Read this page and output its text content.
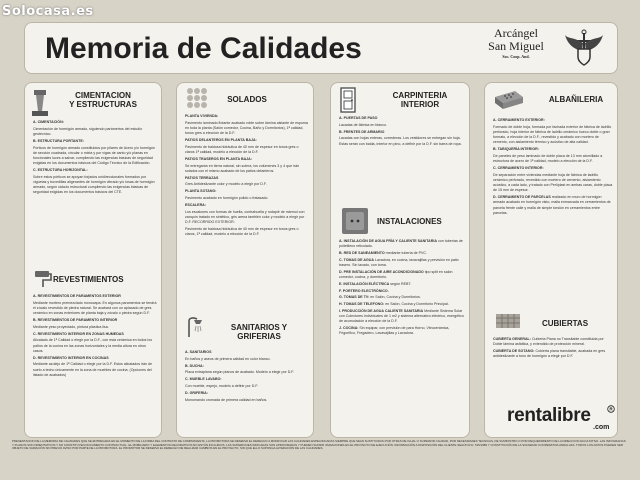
Solocasa.es
Memoria de Calidades	Arcángel
San Miguel
Soc. Coop. And.
CIMENTACION
Y ESTRUCTURAS

A. CIMENTACIÓN:

Cimentación de hormigón armado, siguiendo parámetros del estudio geotécnico.

B. ESTRUCTURA PORTANTE:

Pórticos de hormigón armado constituidos por pilares de Acero y/o hormigón de sección cuadrada, circular o mixta y por vigas de canto y/o planas en funcionales luces a salvar, cumpliendo las exigencias básicas de seguridad exigidas en los documentos básicos del Código Técnico de la Edificación.

C. ESTRUCTURA HORIZONTAL:

Sobre estos pórticos se apoyan forjados unidireccionales formados por viguetas y bovedillas aligerantes de hormigón vibrado y/o losas de hormigón armado, según cálculo estructural cumpliendo las exigencias básicas de seguridad exigidas en los documentos básicos del CTE.

REVESTIMIENTOS

A. REVESTIMIENTOS DE PARAMENTOS EXTERIOR

Mediante mortero premezclado monocapa. En algunos paramentos se tendrá el zócalo revestido de piedra natural. Se acabará con un aplacado de gres cerámico en zonas exteriores de planta baja y zócalo o piedra según D.F.

B. REVESTIMIENTOS DE PARAMENTO INTERIOR

Mediante yeso proyectado, pintura plástica lisa.

C. REVESTIMIENTO INTERIOR EN ZONAS HUMEDAS

Alicatado de 1ª Calidad o elegir por la D.F., con esta cerámica en todos los paños de la cocina en las zonas horizontales y la media altura en otros casos.

D. REVESTIMIENTO INTERIOR EN COCINAS

Mediante azulejo de 1ª Calidad o elegir por la D.F. Estos alicatados irán de suelo a techo únicamente en la zona de muebles de cocina. (Opciones del listado de acabados)

SOLADOS

PLANTA VIVIENDA:

Pavimento laminado flotante acabado roble sobre lámina aislante de espuma en toda la planta (Salón comedor, Cocina, Baño y Dormitorios), 1ª calidad, tonos gres a elección de la D.F.

PATIOS DELANTEROS EN PLANTA BAJA:

Pavimento de baldosa hidráulica de 40 mm de espesor en tonos gres o claros 1ª calidad, modelo a elección de la D.F.

PATIOS TRASEROS EN PLANTA BAJA:

Se entregarán en tierra natural, sin solera, los volúmenes 3 y 4 que irán solados con el mismo acabado de los patios delanteros.

PATIOS TERRAZAS

Gres Antideslizante color y modelo a elegir por D.F.

PLANTA SOTANO:

Pavimento acabado en hormigón pulido o fratasado.

ESCALERA:

Los escalones con formas de huella, contrahuella y rodapié de mármol con zanquín tratado en sintético, gris arena también color y modelo a elegir por D.F. RECORRIDO EXTERIOR:

Pavimento de baldosa hidráulica de 40 mm de espesor en tonos gres o claros, 1ª calidad, modelo a elección de la D.F.

SANITARIOS Y
GRIFERIAS

A. SANITARIOS

En baños y aseos de primera calidad en color blanco.

B. DUCHA:

Placa extraplana según planos de acabado. Modelo a elegir por D.F.

C. MUEBLE LAVABO:

Con mueble, espejo, modelo a definir por D.F.

D. GRIFERIA:

Monomando cromada de primera calidad en baños.

CARPINTERIA
INTERIOR

A. PUERTAS DE PASO

Lacadas de fábrica en blanco.

B. FRENTES DE ARMARIO

Lacadas con hojas enteras, correderas. Los vestidores se entregan sin hoja. Estas serán con balda, interior en pino, a definir por la D.F. sin barra de ropa.

INSTALACIONES

A. INSTALACIÓN DE AGUA FRÍA Y CALIENTE SANITARIA con tuberías de polietileno reticulado.

B. RED DE SANEAMIENTO mediante tubería de PVC.

C. TOMAS DE AGUA Lavadora, en cocina, lavavajillas y previsión en patio trasero. Sin lavado, con toma.

D. PRE INSTALACIÓN DE AIRE ACONDICIONADO tipo split en salón comedor, cocina, y dormitorio.

E. INSTALACIÓN ELÉCTRICA según REBT.

F. PORTERO ELECTRÓNICO.

G. TOMAS DE TV: en Salón, Cocina y Dormitorios.

H. TOMAS DE TELEFONO: en Salón, Cocina y Dormitorio Principal.

I. PRODUCCIÓN DE AGUA CALIENTE SANITARIA Mediante Sistema Solar con Colectores Individuales de 1 m2 y sistema alternativo eléctrico, energético de acumulación a elección de la D.F.

J. COCINA: Sin equipar, con previsión de para Horno, Vitrocerámica, Frigorífico, Fregadero, Lavavajillas y Lavadora.

ALBAÑILERIA

A. CERRAMIENTO EXTERIOR:

Formado de doble hoja, formada por fachada exterior de fábrica de ladrillo perforado, hoja interior de fábrica de ladrillo cerámico hueco doble o gran formato, a elección de la D.F., revestido y acabado con mortero de cemento, con aislamiento térmico y acústico de alta calidad.

B. TABIQUERÍA INTERIOR:

De paneles de yeso laminado de doble placa de 13 mm atornillado a estructura de acero de 1ª calidad, modelo a elección de la D.F.

C. CERRAMIENTO INTERIOR:

De separación entre viviendas mediante hoja de fábrica de ladrillo cerámico perforado, revestido con mortero de cemento, aislamiento acústico, a cada lado, y tratado con Perliplast en ambas caras, doble placa de 15 mm de espesor.

D. CERRAMIENTO DE PARCELAS realizado en muro de hormigón armado acabado en hormigón visto, malla enmarcada en cerramientos de parcela frente calle y malla de simple torsión en cerramientos entre parcelas.

CUBIERTAS

CUBIERTA GENERAL: Cubierta Plana no Transitable constituida por Doble lámina asfáltica, y extendido de protección mineral.

CUBIERTA DE SOTANO: Cubierta plana transitable, acabada en gres antideslizante a tono de hormigón a elegir por D.F.

rentalibre
.com
R
PRESENTACIÓN DE LA MEMORIA DE CALIDADES QUE SE ENTREGARÁ EN EL MOMENTO DE LA FIRMA DEL CONTRATO DE COMPRAVENTA. LA PROMOTORA SE RESERVA EL DERECHO A MODIFICAR LAS CALIDADES ESPECIFICADAS SIEMPRE QUE SEAN SUSTITUIDAS POR OTRAS DE IGUAL O SUPERIOR CALIDAD, POR NECESIDADES TÉCNICAS, DE SUMINISTRO O POR REQUERIMIENTO DE LA DIRECCIÓN FACULTATIVA. LAS INFOGRAFÍAS Y PLANOS SON ORIENTATIVOS Y NO CONSTITUYEN DOCUMENTO CONTRACTUAL. EL MOBILIARIO Y ELEMENTOS DECORATIVOS NO ESTÁN INCLUIDOS. LAS SUPERFICIES INDICADAS SON APROXIMADAS Y PUEDEN SUFRIR VARIACIONES EN EL PROYECTO DE EJECUCIÓN. INFORMACIÓN A DISPOSICIÓN DEL CLIENTE SEGÚN R.D. 515/1989 Y CONSTITUCIÓN DE LA SOCIEDAD COOPERATIVA ANDALUZA. TODOS LOS DATOS PUEDEN SER OBJETO DE VARIACIÓN SIN PREVIO AVISO POR PARTE DE LA PROMOTORA. EL PROMOTOR SE RESERVA EL DERECHO DE REALIZAR CAMBIOS EN EL PROYECTO, SIN QUE ELLO SUPONGA ALTERACIÓN DE LAS CALIDADES.
